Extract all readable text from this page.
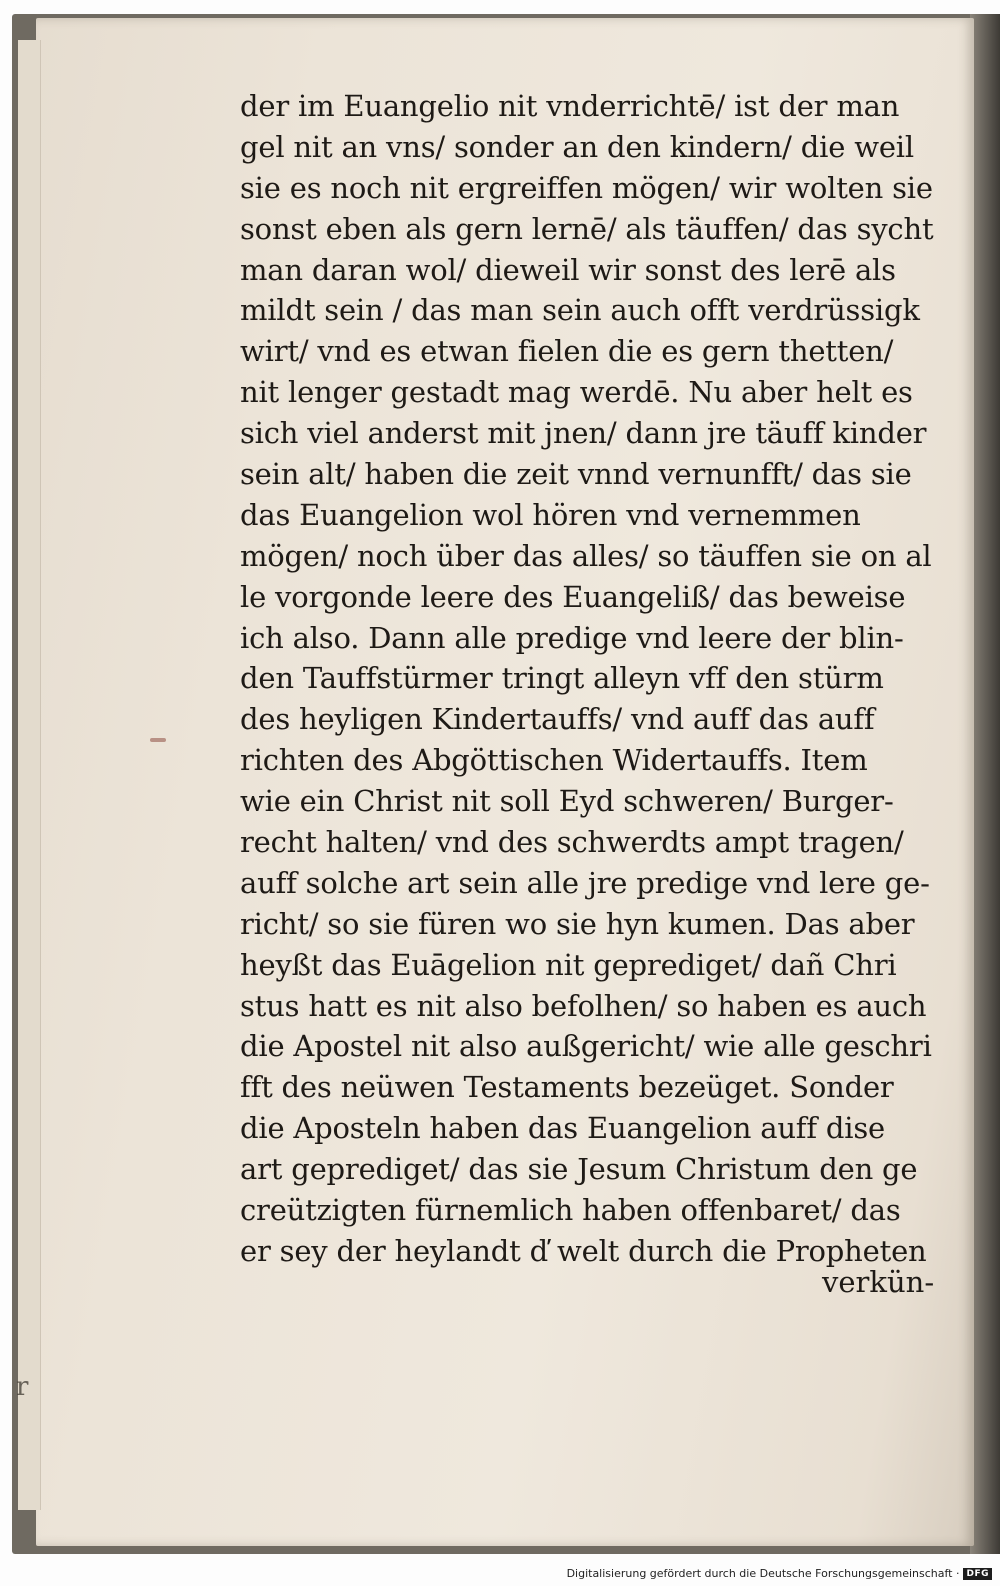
der im Euangelio nit vnderrichtē/ ist der man
gel nit an vns/ sonder an den kindern/ die weil
sie es noch nit ergreiffen mögen/ wir wolten sie
sonst eben als gern lernē/ als täuffen/ das sycht
man daran wol/ dieweil wir sonst des lerē als
mildt sein / das man sein auch offt verdrüssigk
wirt/ vnd es etwan fielen die es gern thetten/
nit lenger gestadt mag werdē. Nu aber helt es
sich viel anderst mit jnen/ dann jre täuff kinder
sein alt/ haben die zeit vnnd vernunfft/ das sie
das Euangelion wol hören vnd vernemmen
mögen/ noch über das alles/ so täuffen sie on al
le vorgonde leere des Euangeliß/ das beweise
ich also. Dann alle predige vnd leere der blin-
den Tauffstürmer tringt alleyn vff den stürm
des heyligen Kindertauffs/ vnd auff das auff
richten des Abgöttischen Widertauffs. Item
wie ein Christ nit soll Eyd schweren/ Burger-
recht halten/ vnd des schwerdts ampt tragen/
auff solche art sein alle jre predige vnd lere ge-
richt/ so sie füren wo sie hyn kumen. Das aber
heyßt das Euāgelion nit geprediget/ dañ Chri
stus hatt es nit also befolhen/ so haben es auch
die Apostel nit also außgericht/ wie alle geschri
fft des neüwen Testaments bezeüget. Sonder
die Aposteln haben das Euangelion auff dise
art geprediget/ das sie Jesum Christum den ge
creützigten fürnemlich haben offenbaret/ das
er sey der heylandt ď welt durch die Propheten
verkün-
r
Digitalisierung gefördert durch die Deutsche Forschungsgemeinschaft · DFG
